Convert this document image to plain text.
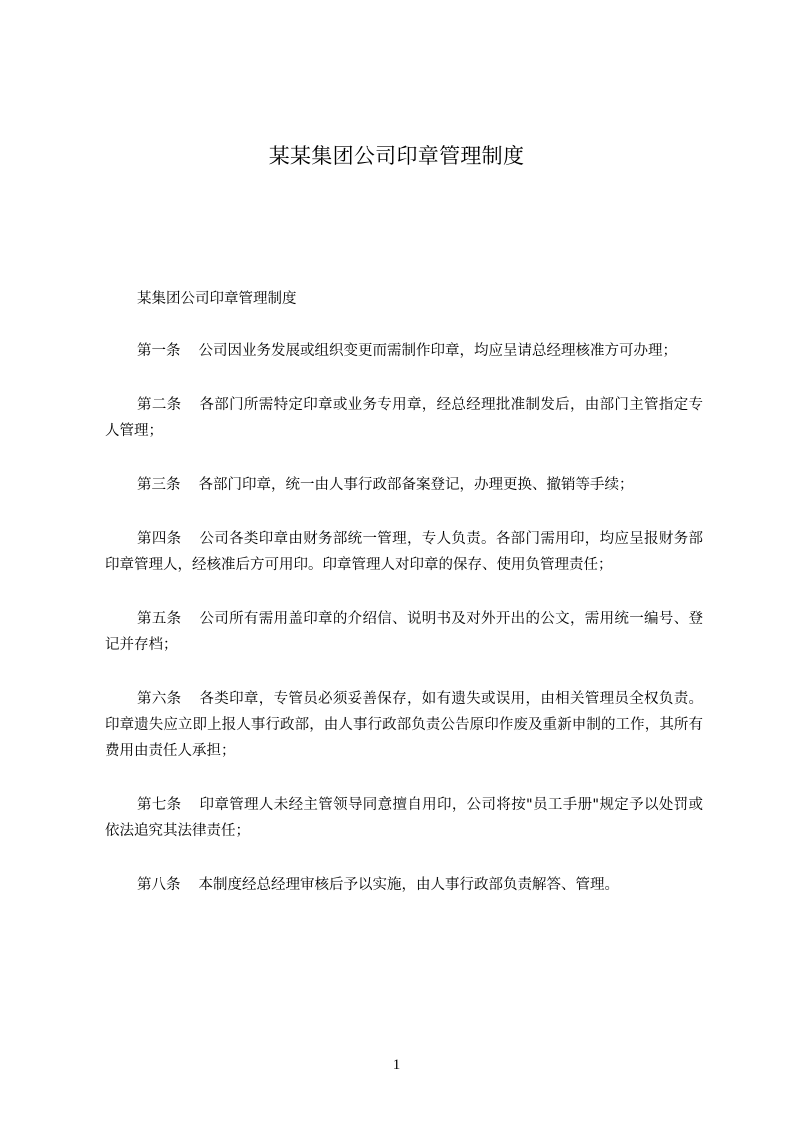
某某集团公司印章管理制度

某集团公司印章管理制度

第一条 公司因业务发展或组织变更而需制作印章，均应呈请总经理核准方可办理；

第二条 各部门所需特定印章或业务专用章，经总经理批准制发后，由部门主管指定专人管理；

第三条 各部门印章，统一由人事行政部备案登记，办理更换、撤销等手续；

第四条 公司各类印章由财务部统一管理，专人负责。各部门需用印，均应呈报财务部印章管理人，经核准后方可用印。印章管理人对印章的保存、使用负管理责任；

第五条 公司所有需用盖印章的介绍信、说明书及对外开出的公文，需用统一编号、登记并存档；

第六条 各类印章，专管员必须妥善保存，如有遗失或误用，由相关管理员全权负责。印章遗失应立即上报人事行政部，由人事行政部负责公告原印作废及重新申制的工作，其所有费用由责任人承担；

第七条 印章管理人未经主管领导同意擅自用印，公司将按"员工手册"规定予以处罚或依法追究其法律责任；

第八条 本制度经总经理审核后予以实施，由人事行政部负责解答、管理。

1
